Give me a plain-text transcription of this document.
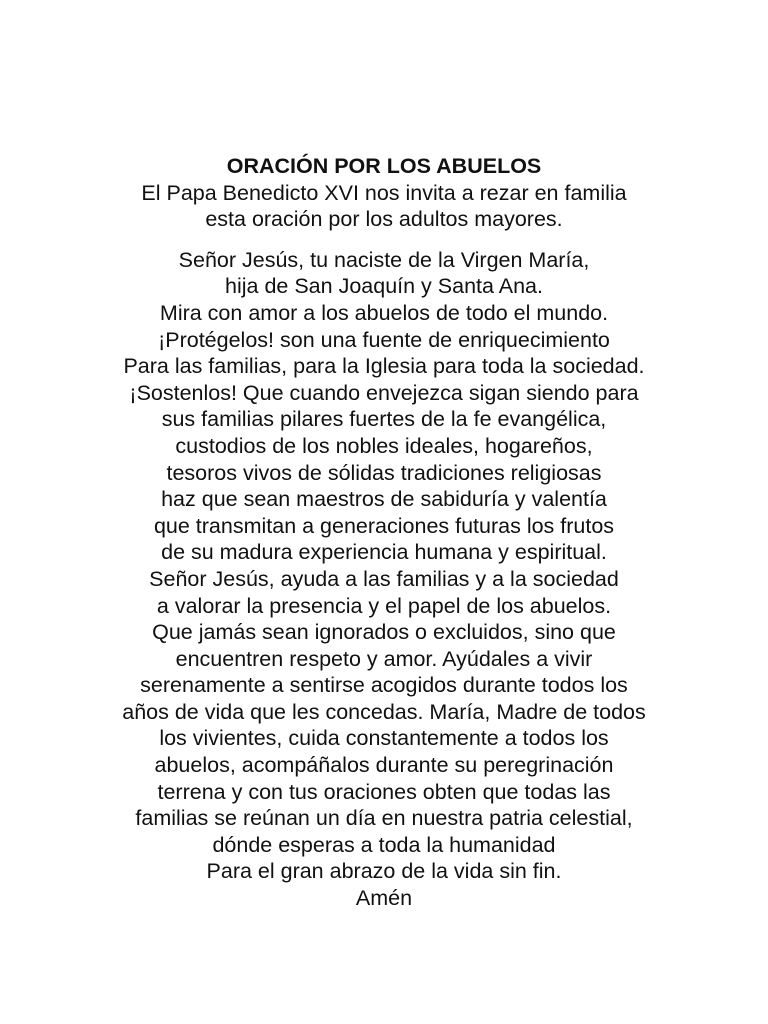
ORACIÓN POR LOS ABUELOS
El Papa Benedicto XVI nos invita a rezar en familia
esta oración por los adultos mayores.
Señor Jesús, tu naciste de la Virgen María,
hija de San Joaquín y Santa Ana.
Mira con amor a los abuelos de todo el mundo.
¡Protégelos! son una fuente de enriquecimiento
Para las familias, para la Iglesia para toda la sociedad.
¡Sostenlos! Que cuando envejezca sigan siendo para
sus familias pilares fuertes de la fe evangélica,
custodios de los nobles ideales, hogareños,
tesoros vivos de sólidas tradiciones religiosas
haz que sean maestros de sabiduría y valentía
que transmitan a generaciones futuras los frutos
de su madura experiencia humana y espiritual.
Señor Jesús, ayuda a las familias y a la sociedad
a valorar la presencia y el papel de los abuelos.
Que jamás sean ignorados o excluidos, sino que
encuentren respeto y amor. Ayúdales a vivir
serenamente a sentirse acogidos durante todos los
años de vida que les concedas. María, Madre de todos
los vivientes, cuida constantemente a todos los
abuelos, acompáñalos durante su peregrinación
terrena y con tus oraciones obten que todas las
familias se reúnan un día en nuestra patria celestial,
dónde esperas a toda la humanidad
Para el gran abrazo de la vida sin fin.
Amén
